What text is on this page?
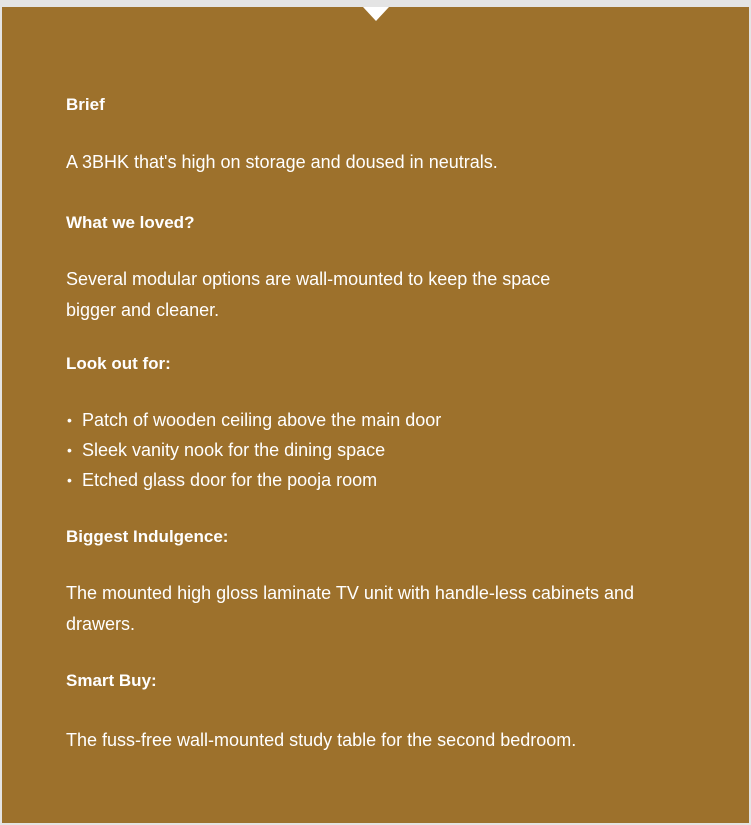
Brief
A 3BHK that's high on storage and doused in neutrals.
What we loved?
Several modular options are wall-mounted to keep the space bigger and cleaner.
Look out for:
• Patch of wooden ceiling above the main door
• Sleek vanity nook for the dining space
• Etched glass door for the pooja room
Biggest Indulgence:
The mounted high gloss laminate TV unit with handle-less cabinets and drawers.
Smart Buy:
The fuss-free wall-mounted study table for the second bedroom.
